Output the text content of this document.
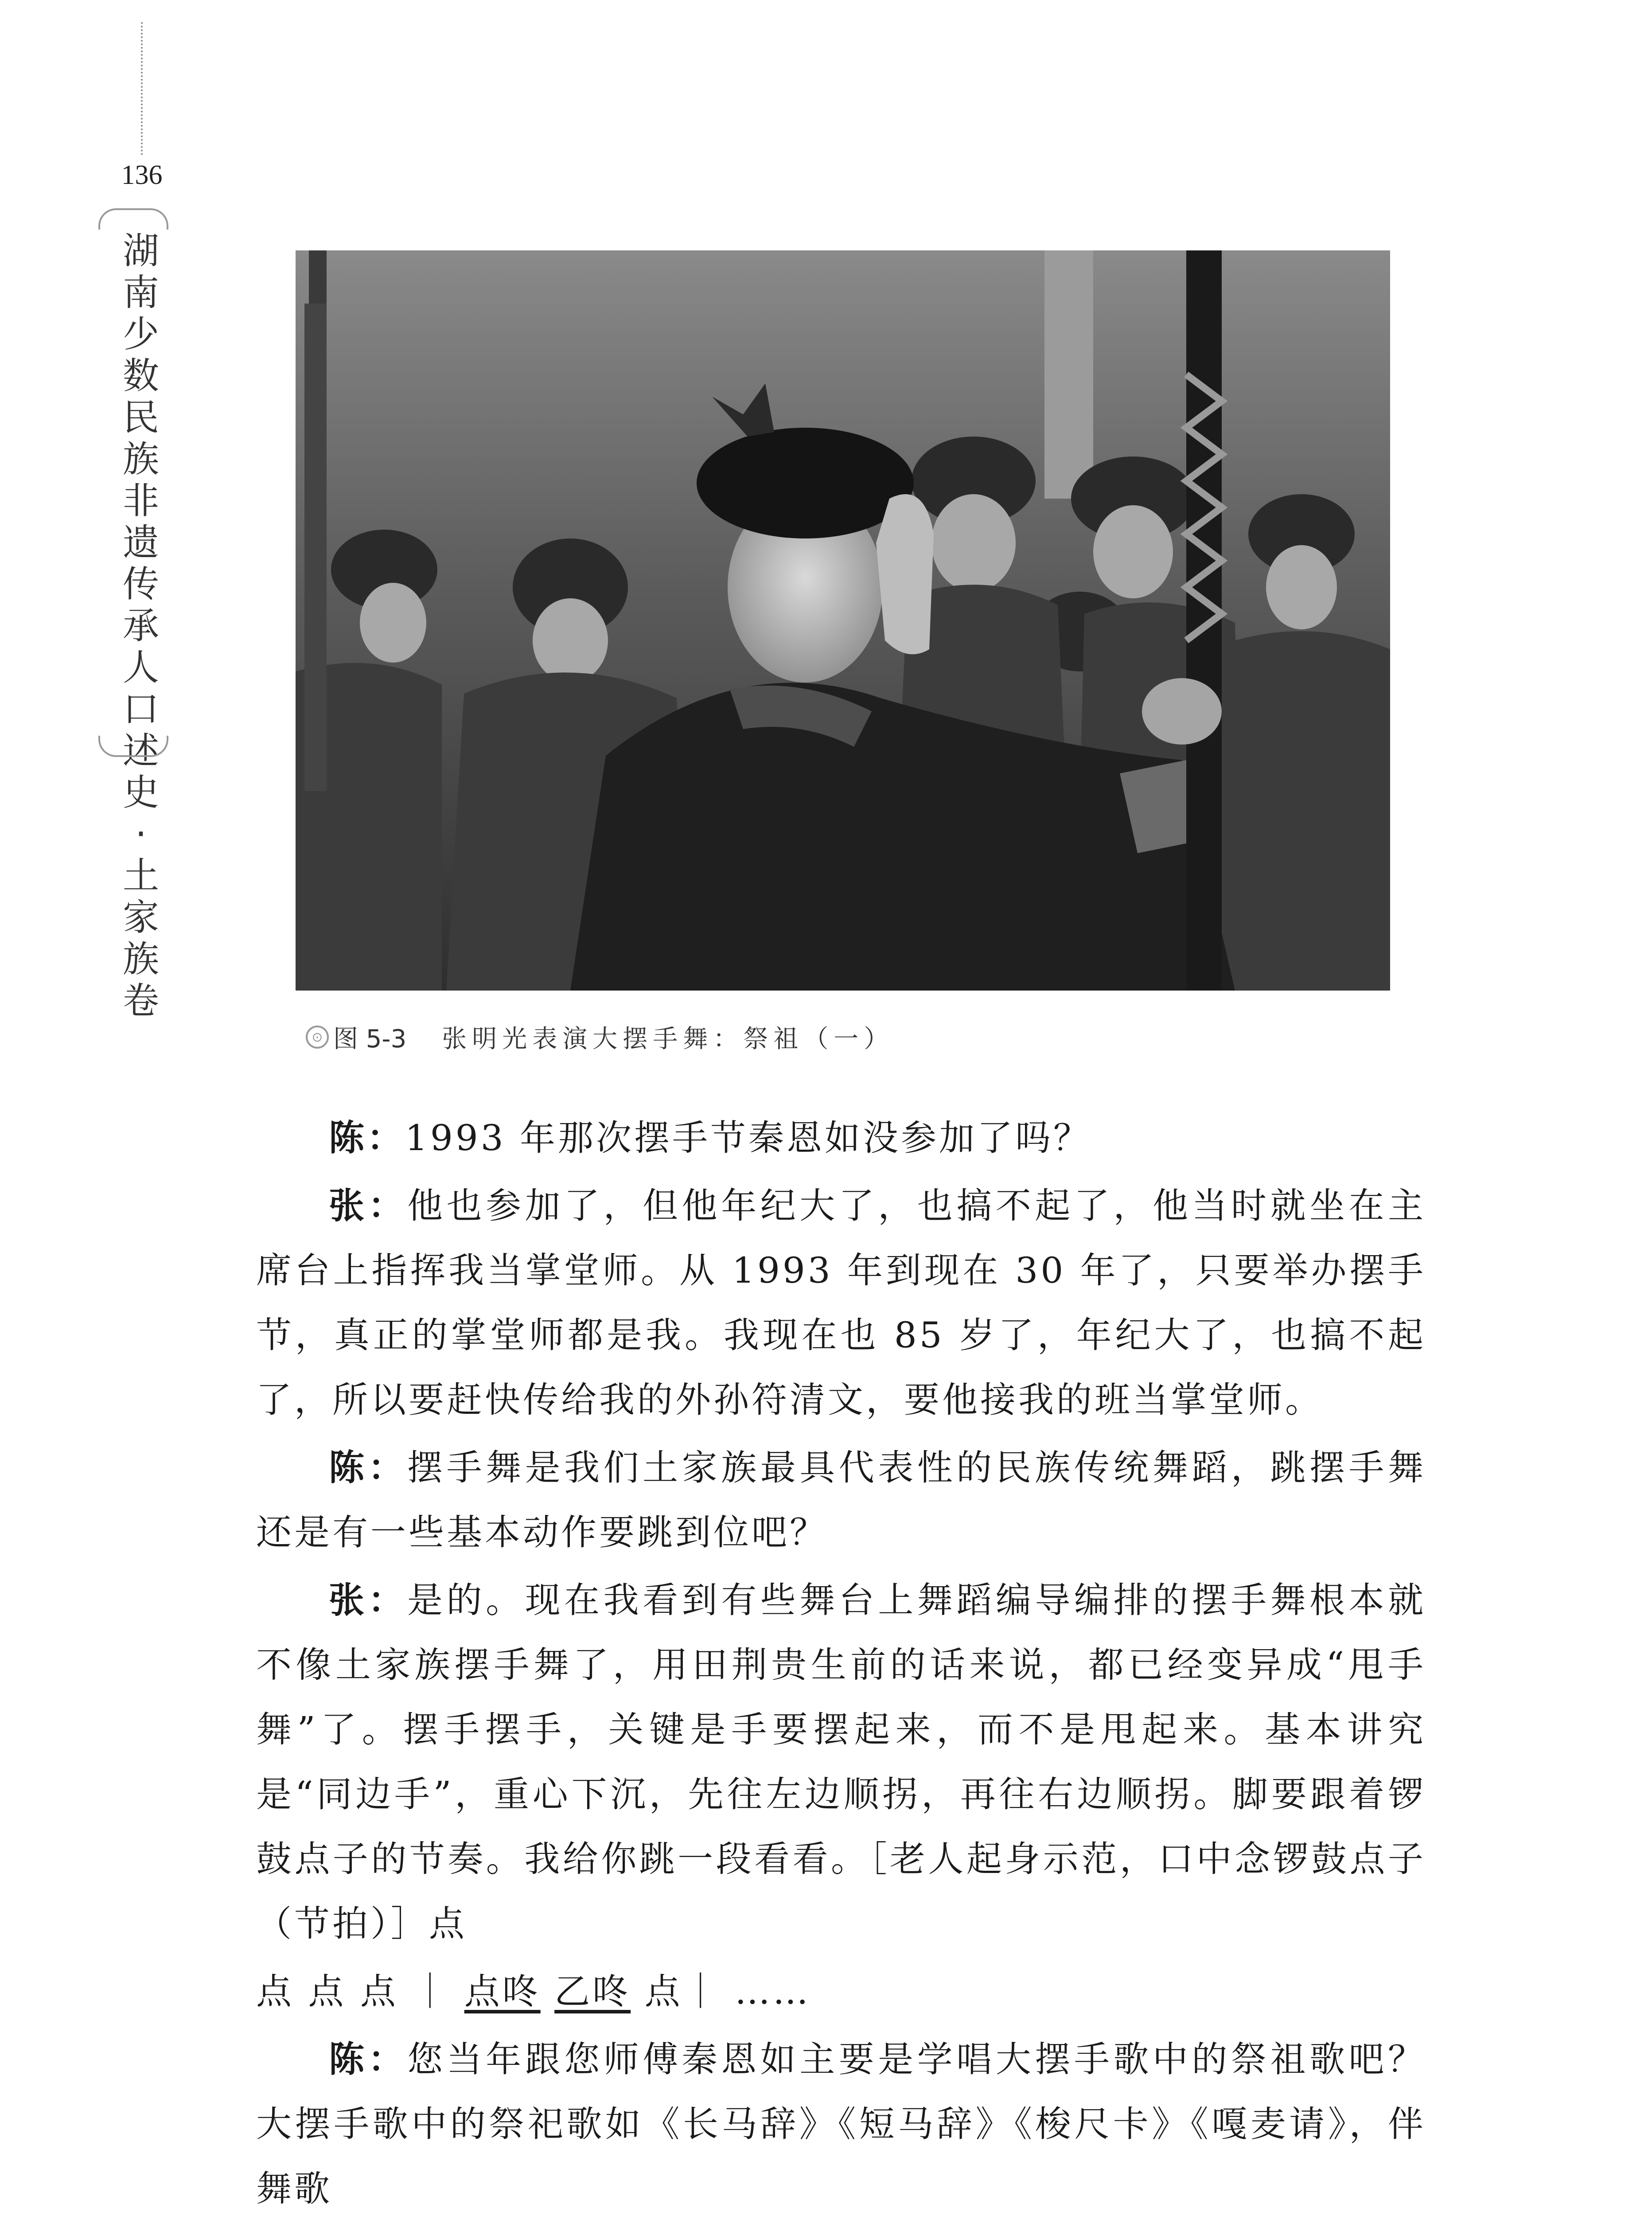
136
湖南少数民族非遗传承人口述史·土家族卷
⊙ 图 5-3 张明光表演大摆手舞：祭祖（一）

陈：1993 年那次摆手节秦恩如没参加了吗？

张：他也参加了，但他年纪大了，也搞不起了，他当时就坐在主席台上指挥我当掌堂师。从 1993 年到现在 30 年了，只要举办摆手节，真正的掌堂师都是我。我现在也 85 岁了，年纪大了，也搞不起了，所以要赶快传给我的外孙符清文，要他接我的班当掌堂师。

陈：摆手舞是我们土家族最具代表性的民族传统舞蹈，跳摆手舞还是有一些基本动作要跳到位吧？

张：是的。现在我看到有些舞台上舞蹈编导编排的摆手舞根本就不像土家族摆手舞了，用田荆贵生前的话来说，都已经变异成“甩手舞”了。摆手摆手，关键是手要摆起来，而不是甩起来。基本讲究是“同边手”，重心下沉，先往左边顺拐，再往右边顺拐。脚要跟着锣鼓点子的节奏。我给你跳一段看看。［老人起身示范，口中念锣鼓点子（节拍）］点

点 点 点 ｜ 点咚 乙咚 点｜ ……

陈：您当年跟您师傅秦恩如主要是学唱大摆手歌中的祭祖歌吧？大摆手歌中的祭祀歌如《长马辞》《短马辞》《梭尺卡》《嘎麦请》，伴舞歌
